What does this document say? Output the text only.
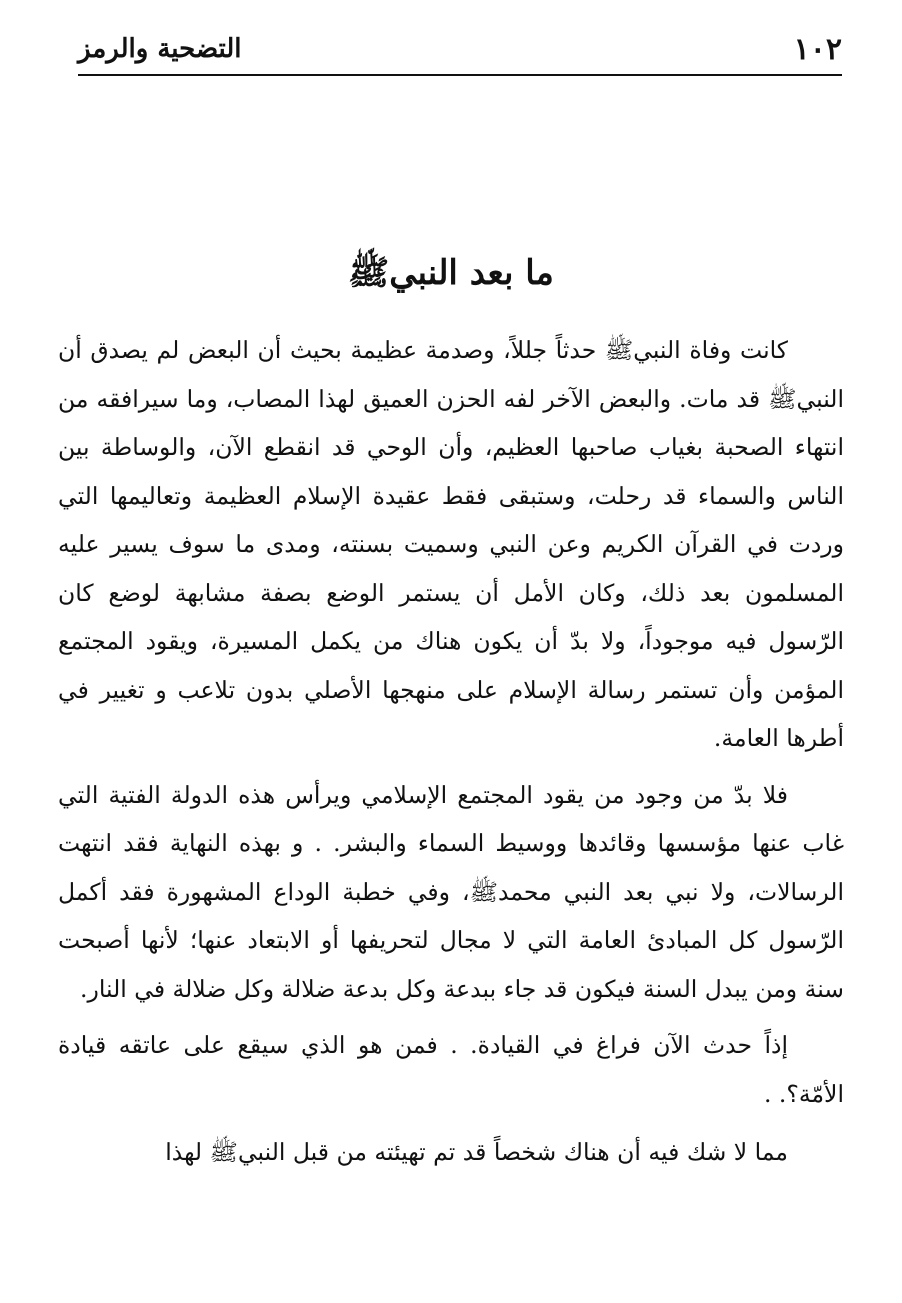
١٠٢
التضحية والرمز
ما بعد النبيﷺ

كانت وفاة النبيﷺ حدثاً جللاً، وصدمة عظيمة بحيث أن البعض لم يصدق أن النبيﷺ قد مات. والبعض الآخر لفه الحزن العميق لهذا المصاب، وما سيرافقه من انتهاء الصحبة بغياب صاحبها العظيم، وأن الوحي قد انقطع الآن، والوساطة بين الناس والسماء قد رحلت، وستبقى فقط عقيدة الإسلام العظيمة وتعاليمها التي وردت في القرآن الكريم وعن النبي وسميت بسنته، ومدى ما سوف يسير عليه المسلمون بعد ذلك، وكان الأمل أن يستمر الوضع بصفة مشابهة لوضع كان الرّسول فيه موجوداً، ولا بدّ أن يكون هناك من يكمل المسيرة، ويقود المجتمع المؤمن وأن تستمر رسالة الإسلام على منهجها الأصلي بدون تلاعب و تغيير في أطرها العامة.

فلا بدّ من وجود من يقود المجتمع الإسلامي ويرأس هذه الدولة الفتية التي غاب عنها مؤسسها وقائدها ووسيط السماء والبشر. . و بهذه النهاية فقد انتهت الرسالات، ولا نبي بعد النبي محمدﷺ، وفي خطبة الوداع المشهورة فقد أكمل الرّسول كل المبادئ العامة التي لا مجال لتحريفها أو الابتعاد عنها؛ لأنها أصبحت سنة ومن يبدل السنة فيكون قد جاء ببدعة وكل بدعة ضلالة وكل ضلالة في النار.

إذاً حدث الآن فراغ في القيادة. . فمن هو الذي سيقع على عاتقه قيادة الأمّة؟. .

مما لا شك فيه أن هناك شخصاً قد تم تهيئته من قبل النبيﷺ لهذا
